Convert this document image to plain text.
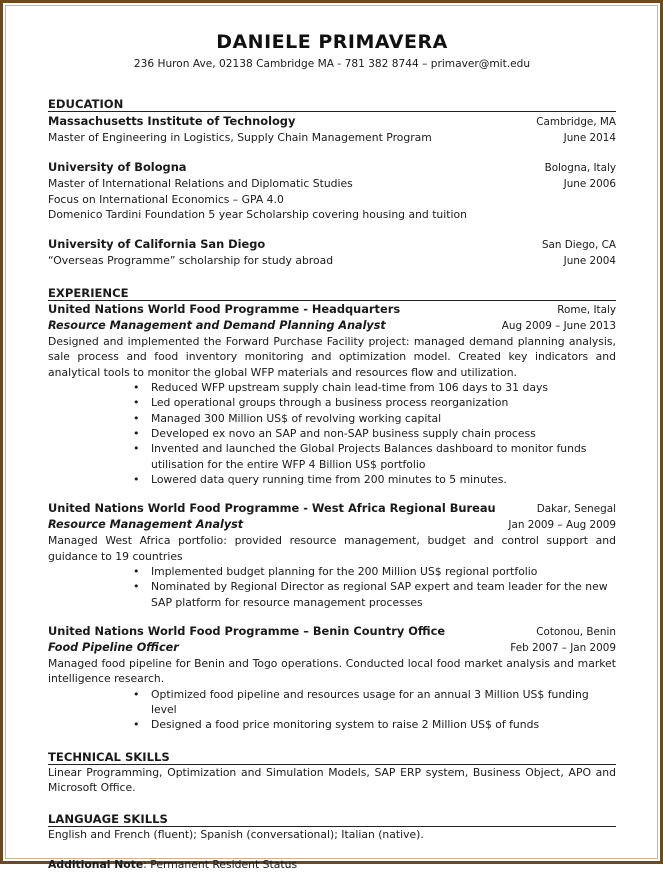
DANIELE PRIMAVERA
236 Huron Ave, 02138 Cambridge MA - 781 382 8744 – primaver@mit.edu
EDUCATION
Massachusetts Institute of Technology	Cambridge, MA
Master of Engineering in Logistics, Supply Chain Management Program	June 2014
University of Bologna	Bologna, Italy
Master of International Relations and Diplomatic Studies	June 2006
Focus on International Economics – GPA 4.0
Domenico Tardini Foundation 5 year Scholarship covering housing and tuition
University of California San Diego	San Diego, CA
“Overseas Programme” scholarship for study abroad	June 2004
EXPERIENCE
United Nations World Food Programme - Headquarters	Rome, Italy
Resource Management and Demand Planning Analyst	Aug 2009 – June 2013
Designed and implemented the Forward Purchase Facility project: managed demand planning analysis, sale process and food inventory monitoring and optimization model. Created key indicators and analytical tools to monitor the global WFP materials and resources flow and utilization.
• Reduced WFP upstream supply chain lead-time from 106 days to 31 days
• Led operational groups through a business process reorganization
• Managed 300 Million US$ of revolving working capital
• Developed ex novo an SAP and non-SAP business supply chain process
• Invented and launched the Global Projects Balances dashboard to monitor funds utilisation for the entire WFP 4 Billion US$ portfolio
• Lowered data query running time from 200 minutes to 5 minutes.
United Nations World Food Programme - West Africa Regional Bureau	Dakar, Senegal
Resource Management Analyst	Jan 2009 – Aug 2009
Managed West Africa portfolio: provided resource management, budget and control support and guidance to 19 countries
• Implemented budget planning for the 200 Million US$ regional portfolio
• Nominated by Regional Director as regional SAP expert and team leader for the new SAP platform for resource management processes
United Nations World Food Programme – Benin Country Office	Cotonou, Benin
Food Pipeline Officer	Feb 2007 – Jan 2009
Managed food pipeline for Benin and Togo operations. Conducted local food market analysis and market intelligence research.
• Optimized food pipeline and resources usage for an annual 3 Million US$ funding level
• Designed a food price monitoring system to raise 2 Million US$ of funds
TECHNICAL SKILLS
Linear Programming, Optimization and Simulation Models, SAP ERP system, Business Object, APO and Microsoft Office.
LANGUAGE SKILLS
English and French (fluent); Spanish (conversational); Italian (native).
Additional Note: Permanent Resident Status
